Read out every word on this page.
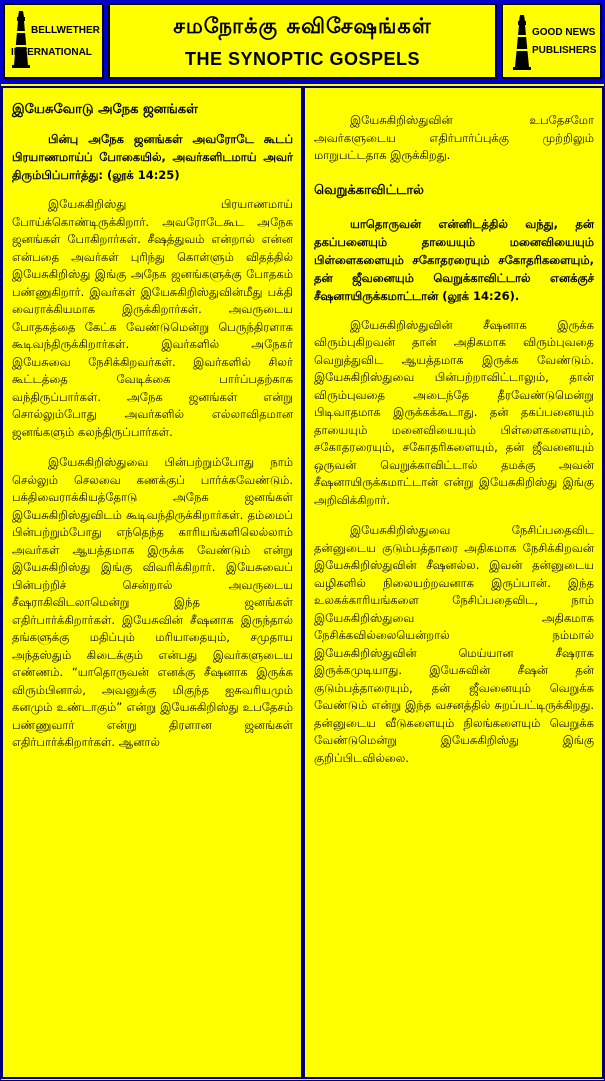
BELLWETHER
INTERNATIONAL
சமநோக்கு சுவிசேஷங்கள்
THE SYNOPTIC GOSPELS
GOOD NEWS
PUBLISHERS
இயேசுவோடு அநேக ஜனங்கள்
பின்பு அநேக ஜனங்கள் அவரோடே கூடப் பிரயாணமாய்ப் போகையில், அவர்களிடமாய் அவர் திரும்பிப்பார்த்து: (லூக் 14:25)

இயேசுகிறிஸ்து பிரயாணமாய் போய்க்கொண்டிருக்கிறார். அவரோடேகூட அநேக ஜனங்கள் போகிறார்கள். சீஷத்துவம் என்றால் என்ன என்பதை அவர்கள் புரிந்து கொள்ளும் விதத்தில் இயேசுகிறிஸ்து இங்கு அநேக ஜனங்களுக்கு போதகம் பண்ணுகிறார். இவர்கள் இயேசுகிறிஸ்துவின்மீது பக்தி வைராக்கியமாக இருக்கிறார்கள். அவருடைய போதகத்தை கேட்க வேண்டுமென்று பெருந்திரளாக கூடிவந்திருக்கிறார்கள். இவர்களில் அநேகர் இயேசுவை நேசிக்கிறவர்கள். இவர்களில் சிலர் கூட்டத்தை வேடிக்கை பார்ப்பதற்காக வந்திருப்பார்கள். அநேக ஜனங்கள் என்று சொல்லும்போது அவர்களில் எல்லாவிதமான ஜனங்களும் கலந்திருப்பார்கள்.

இயேசுகிறிஸ்துவை பின்பற்றும்போது நாம் செல்லும் செலவை கணக்குப் பார்க்கவேண்டும். பக்திவைராக்கியத்தோடு அநேக ஜனங்கள் இயேசுகிறிஸ்துவிடம் கூடிவந்திருக்கிறார்கள். தம்மைப் பின்பற்றும்போது எந்தெந்த காரியங்களிலெல்லாம் அவர்கள் ஆயத்தமாக இருக்க வேண்டும் என்று இயேசுகிறிஸ்து இங்கு விவரிக்கிறார். இயேசுவைப் பின்பற்றிச் சென்றால் அவருடைய சீஷராகிவிடலாமென்று இந்த ஜனங்கள் எதிர்பார்க்கிறார்கள். இயேசுவின் சீஷனாக இருந்தால் தங்களுக்கு மதிப்பும் மரியாதையும், சமுதாய அந்தஸ்தும் கிடைக்கும் என்பது இவர்களுடைய எண்ணம். “யாதொருவன் எனக்கு சீஷனாக இருக்க விரும்பினால், அவனுக்கு மிகுந்த ஐசுவரியமும் கனமும் உண்டாகும்” என்று இயேசுகிறிஸ்து உபதேசம் பண்ணுவார் என்று திரளான ஜனங்கள் எதிர்பார்க்கிறார்கள். ஆனால்

இயேசுகிறிஸ்துவின் உபதேசமோ அவர்களுடைய எதிர்பார்ப்புக்கு முற்றிலும் மாறுபட்டதாக இருக்கிறது.

வெறுக்காவிட்டால்
யாதொருவன் என்னிடத்தில் வந்து, தன் தகப்பனையும் தாயையும் மனைவியையும் பிள்ளைகளையும் சகோதரரையும் சகோதரிகளையும், தன் ஜீவனையும் வெறுக்காவிட்டால் எனக்குச் சீஷனாயிருக்கமாட்டான் (லூக் 14:26).

இயேசுகிறிஸ்துவின் சீஷனாக இருக்க விரும்புகிறவன் தான் அதிகமாக விரும்புவதை வெறுத்துவிட ஆயத்தமாக இருக்க வேண்டும். இயேசுகிறிஸ்துவை பின்பற்றாவிட்டாலும், தான் விரும்புவதை அடைந்தே தீரவேண்டுமென்று பிடிவாதமாக இருக்கக்கூடாது. தன் தகப்பனையும் தாயையும் மனைவியையும் பிள்ளைகளையும், சகோதரரையும், சகோதரிகளையும், தன் ஜீவனையும் ஒருவன் வெறுக்காவிட்டால் தமக்கு அவன் சீஷனாயிருக்கமாட்டான் என்று இயேசுகிறிஸ்து இங்கு அறிவிக்கிறார்.

இயேசுகிறிஸ்துவை நேசிப்பதைவிட தன்னுடைய குடும்பத்தாரை அதிகமாக நேசிக்கிறவன் இயேசுகிறிஸ்துவின் சீஷனல்ல. இவன் தன்னுடைய வழிகளில் நிலையற்றவனாக இருப்பான். இந்த உலகக்காரியங்களை நேசிப்பதைவிட, நாம் இயேசுகிறிஸ்துவை அதிகமாக நேசிக்கவில்லையென்றால் நம்மால் இயேசுகிறிஸ்துவின் மெய்யான சீஷராக இருக்கமுடியாது. இயேசுவின் சீஷன் தன் குடும்பத்தாரையும், தன் ஜீவனையும் வெறுக்க வேண்டும் என்று இந்த வசனத்தில் சுறப்பட்டிருக்கிறது. தன்னுடைய வீடுகளையும் நிலங்களையும் வெறுக்க வேண்டுமென்று இயேசுகிறிஸ்து இங்கு குறிப்பிடவில்லை.
